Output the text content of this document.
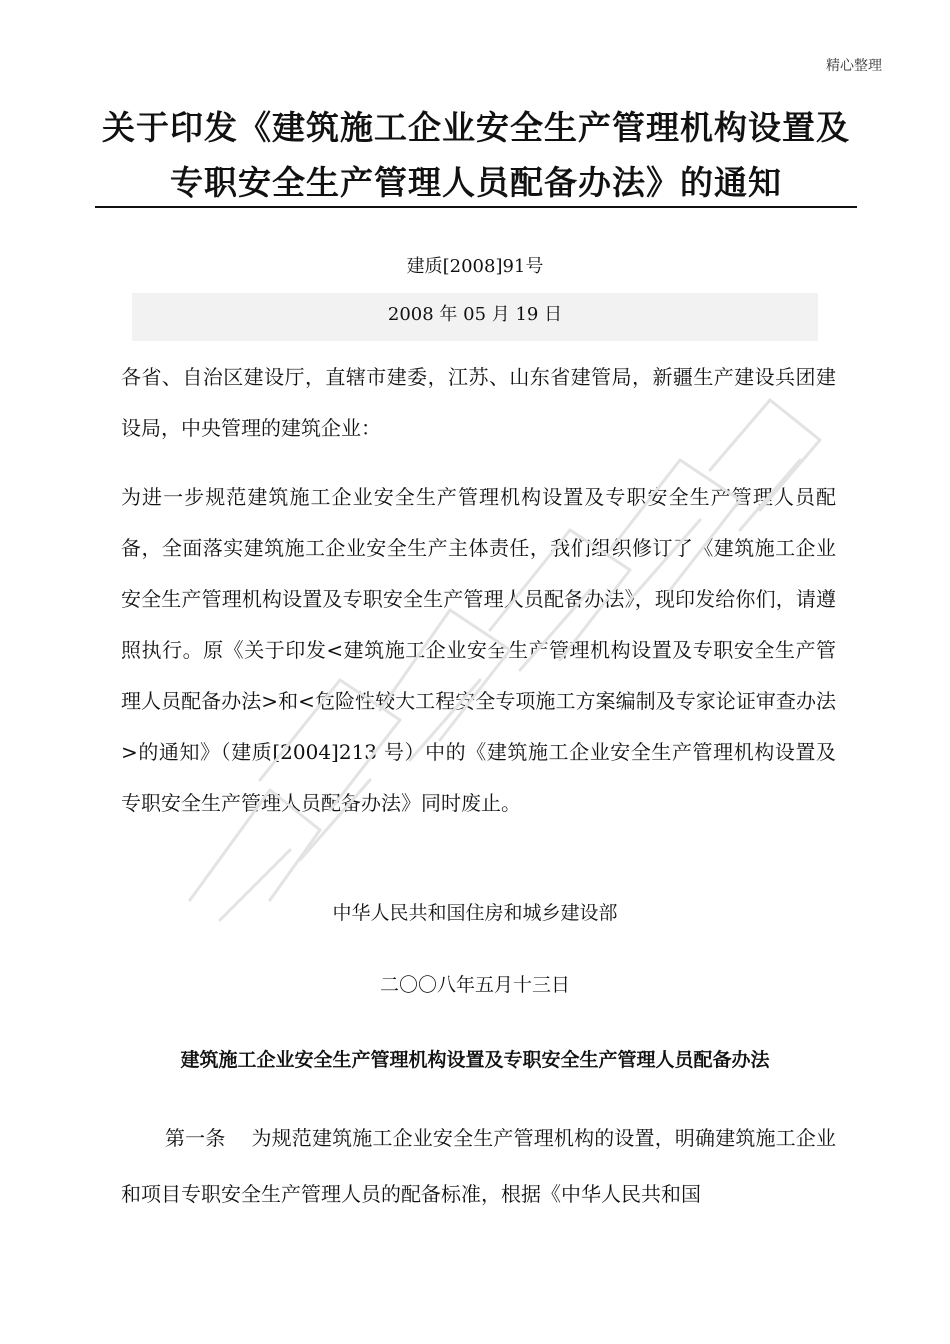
精心整理
关于印发《建筑施工企业安全生产管理机构设置及专职安全生产管理人员配备办法》的通知
建质[2008]91号
2008 年 05 月 19 日
各省、自治区建设厅，直辖市建委，江苏、山东省建管局，新疆生产建设兵团建设局，中央管理的建筑企业：
为进一步规范建筑施工企业安全生产管理机构设置及专职安全生产管理人员配备，全面落实建筑施工企业安全生产主体责任，我们组织修订了《建筑施工企业安全生产管理机构设置及专职安全生产管理人员配备办法》，现印发给你们，请遵照执行。原《关于印发<建筑施工企业安全生产管理机构设置及专职安全生产管理人员配备办法>和<危险性较大工程安全专项施工方案编制及专家论证审查办法>的通知》（建质[2004]213 号）中的《建筑施工企业安全生产管理机构设置及专职安全生产管理人员配备办法》同时废止。
中华人民共和国住房和城乡建设部
二〇〇八年五月十三日
建筑施工企业安全生产管理机构设置及专职安全生产管理人员配备办法
第一条 为规范建筑施工企业安全生产管理机构的设置，明确建筑施工企业和项目专职安全生产管理人员的配备标准，根据《中华人民共和国
